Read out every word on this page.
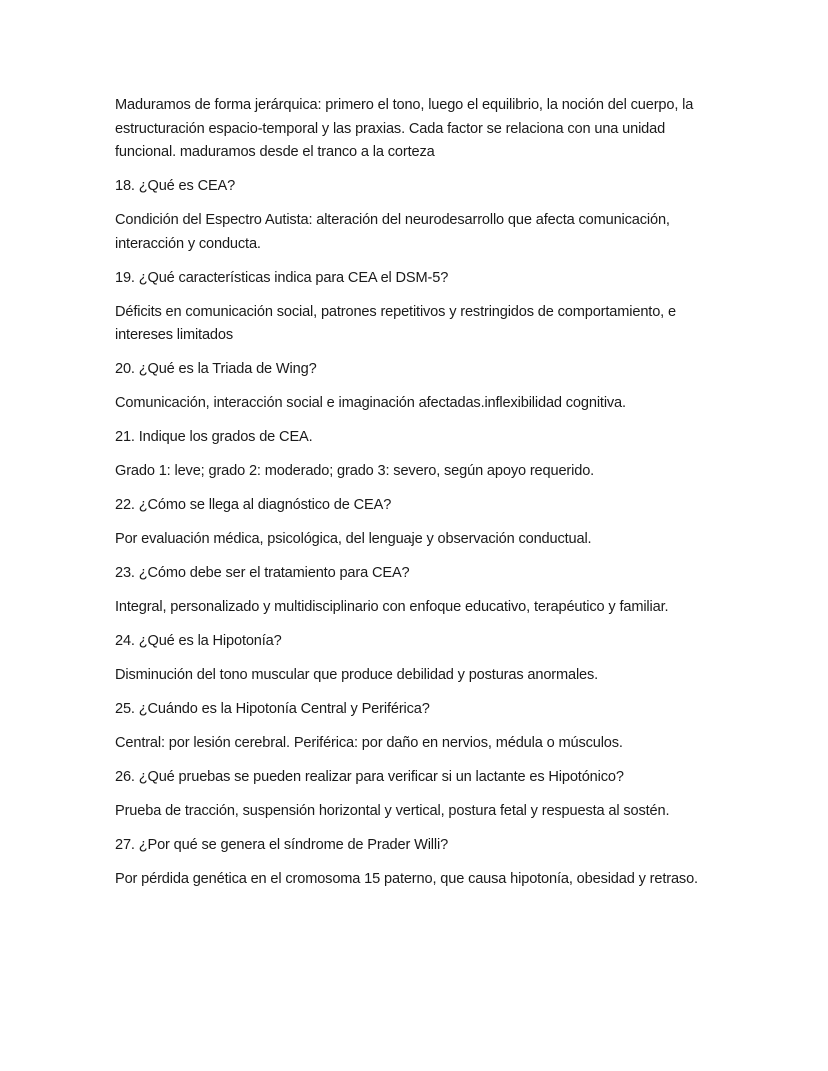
Maduramos de forma jerárquica: primero el tono, luego el equilibrio, la noción del cuerpo, la estructuración espacio-temporal y las praxias. Cada factor se relaciona con una unidad funcional. maduramos desde el tranco a la corteza

18. ¿Qué es CEA?

Condición del Espectro Autista: alteración del neurodesarrollo que afecta comunicación, interacción y conducta.

19. ¿Qué características indica para CEA el DSM-5?

Déficits en comunicación social, patrones repetitivos y restringidos de comportamiento, e intereses limitados

20. ¿Qué es la Triada de Wing?

Comunicación, interacción social e imaginación afectadas.inflexibilidad cognitiva.

21. Indique los grados de CEA.

Grado 1: leve; grado 2: moderado; grado 3: severo, según apoyo requerido.

22. ¿Cómo se llega al diagnóstico de CEA?

Por evaluación médica, psicológica, del lenguaje y observación conductual.

23. ¿Cómo debe ser el tratamiento para CEA?

Integral, personalizado y multidisciplinario con enfoque educativo, terapéutico y familiar.

24. ¿Qué es la Hipotonía?

Disminución del tono muscular que produce debilidad y posturas anormales.

25. ¿Cuándo es la Hipotonía Central y Periférica?

Central: por lesión cerebral. Periférica: por daño en nervios, médula o músculos.

26. ¿Qué pruebas se pueden realizar para verificar si un lactante es Hipotónico?

Prueba de tracción, suspensión horizontal y vertical, postura fetal y respuesta al sostén.

27. ¿Por qué se genera el síndrome de Prader Willi?

Por pérdida genética en el cromosoma 15 paterno, que causa hipotonía, obesidad y retraso.
